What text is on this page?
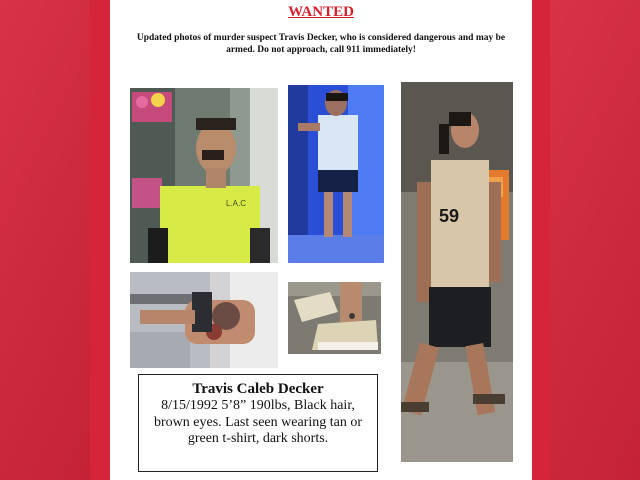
WANTED
Updated photos of murder suspect Travis Decker, who is considered dangerous and may be armed. Do not approach, call 911 immediately!
L.A.C
59
Travis Caleb Decker
8/15/1992 5’8” 190lbs, Black hair, brown eyes. Last seen wearing tan or green t-shirt, dark shorts.
